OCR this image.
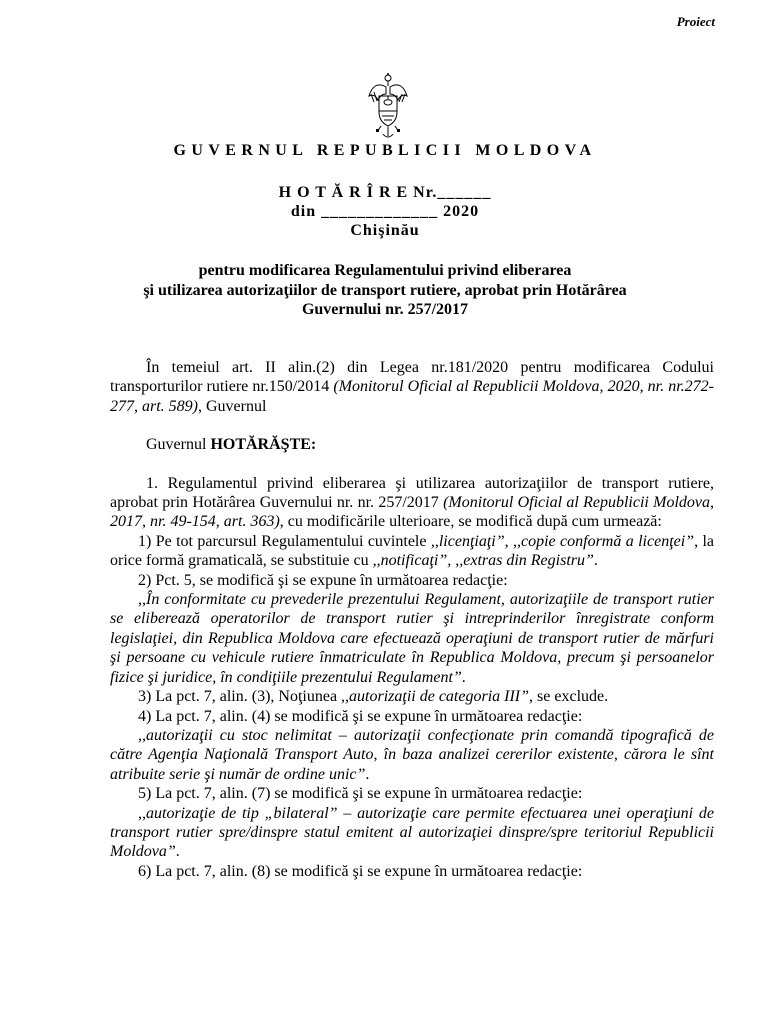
Proiect
GUVERNUL REPUBLICII MOLDOVA
H O T Ă R Î R E Nr.______
din _____________ 2020
Chişinău
pentru modificarea Regulamentului privind eliberarea
şi utilizarea autorizaţiilor de transport rutiere, aprobat prin Hotărârea
Guvernului nr. 257/2017

În temeiul art. II alin.(2) din Legea nr.181/2020 pentru modificarea Codului transporturilor rutiere nr.150/2014 (Monitorul Oficial al Republicii Moldova, 2020, nr. nr.272-277, art. 589), Guvernul

Guvernul HOTĂRĂŞTE:

1. Regulamentul privind eliberarea şi utilizarea autorizaţiilor de transport rutiere, aprobat prin Hotărârea Guvernului nr. nr. 257/2017 (Monitorul Oficial al Republicii Moldova, 2017, nr. 49-154, art. 363), cu modificările ulterioare, se modifică după cum urmează:

1) Pe tot parcursul Regulamentului cuvintele ,,licenţiaţi”, ,,copie conformă a licenţei”, la orice formă gramaticală, se substituie cu ,,notificaţi”, ,,extras din Registru”.

2) Pct. 5, se modifică şi se expune în următoarea redacţie:

,,În conformitate cu prevederile prezentului Regulament, autorizaţiile de transport rutier se eliberează operatorilor de transport rutier şi intreprinderilor înregistrate conform legislaţiei, din Republica Moldova care efectuează operaţiuni de transport rutier de mărfuri şi persoane cu vehicule rutiere înmatriculate în Republica Moldova, precum şi persoanelor fizice şi juridice, în condiţiile prezentului Regulament”.

3) La pct. 7, alin. (3), Noţiunea ,,autorizaţii de categoria III”, se exclude.

4) La pct. 7, alin. (4) se modifică şi se expune în următoarea redacţie:

,,autorizaţii cu stoc nelimitat – autorizaţii confecţionate prin comandă tipografică de către Agenţia Naţională Transport Auto, în baza analizei cererilor existente, cărora le sînt atribuite serie şi număr de ordine unic”.

5) La pct. 7, alin. (7) se modifică şi se expune în următoarea redacţie:

,,autorizaţie de tip „bilateral” – autorizaţie care permite efectuarea unei operaţiuni de transport rutier spre/dinspre statul emitent al autorizaţiei dinspre/spre teritoriul Republicii Moldova”.

6) La pct. 7, alin. (8) se modifică şi se expune în următoarea redacţie:
